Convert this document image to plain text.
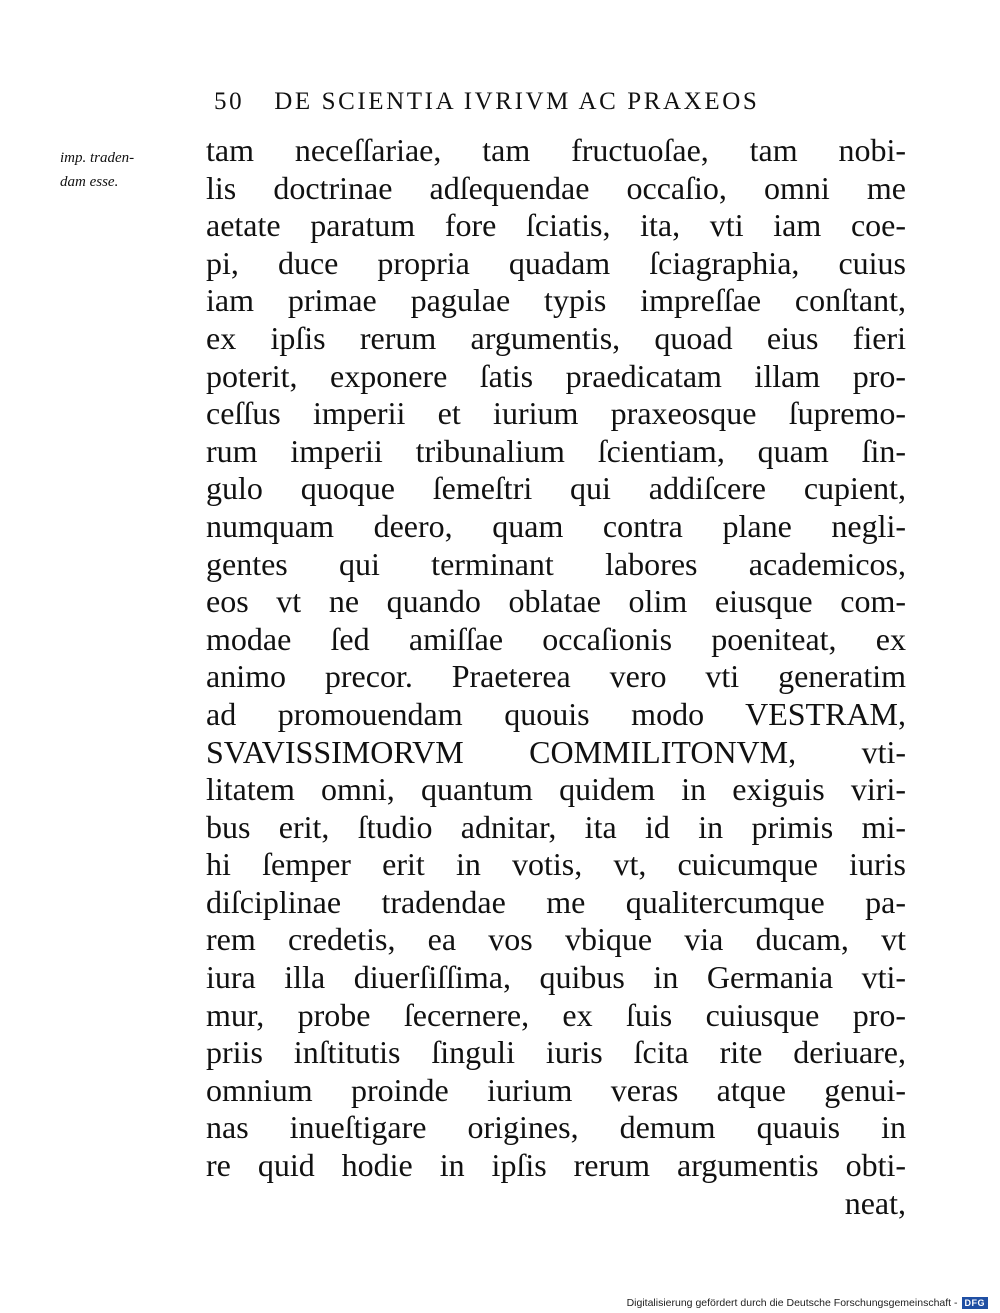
50 DE SCIENTIA IVRIVM AC PRAXEOS
imp. traden-
dam esse.
tam neceſſariae, tam fructuoſae, tam nobi-
lis doctrinae adſequendae occaſio, omni me
aetate paratum fore ſciatis, ita, vti iam coe-
pi, duce propria quadam ſciagraphia, cuius
iam primae pagulae typis impreſſae conſtant,
ex ipſis rerum argumentis, quoad eius fieri
poterit, exponere ſatis praedicatam illam pro-
ceſſus imperii et iurium praxeosque ſupremo-
rum imperii tribunalium ſcientiam, quam ſin-
gulo quoque ſemeſtri qui addiſcere cupient,
numquam deero, quam contra plane negli-
gentes qui terminant labores academicos,
eos vt ne quando oblatae olim eiusque com-
modae ſed amiſſae occaſionis poeniteat, ex
animo precor. Praeterea vero vti generatim
ad promouendam quouis modo VESTRAM,
SVAVISSIMORVM COMMILITONVM, vti-
litatem omni, quantum quidem in exiguis viri-
bus erit, ſtudio adnitar, ita id in primis mi-
hi ſemper erit in votis, vt, cuicumque iuris
diſciplinae tradendae me qualitercumque pa-
rem credetis, ea vos vbique via ducam, vt
iura illa diuerſiſſima, quibus in Germania vti-
mur, probe ſecernere, ex ſuis cuiusque pro-
priis inſtitutis ſinguli iuris ſcita rite deriuare,
omnium proinde iurium veras atque genui-
nas inueſtigare origines, demum quauis in
re quid hodie in ipſis rerum argumentis obti-
neat,
Digitalisierung gefördert durch die Deutsche Forschungsgemeinschaft - DFG
